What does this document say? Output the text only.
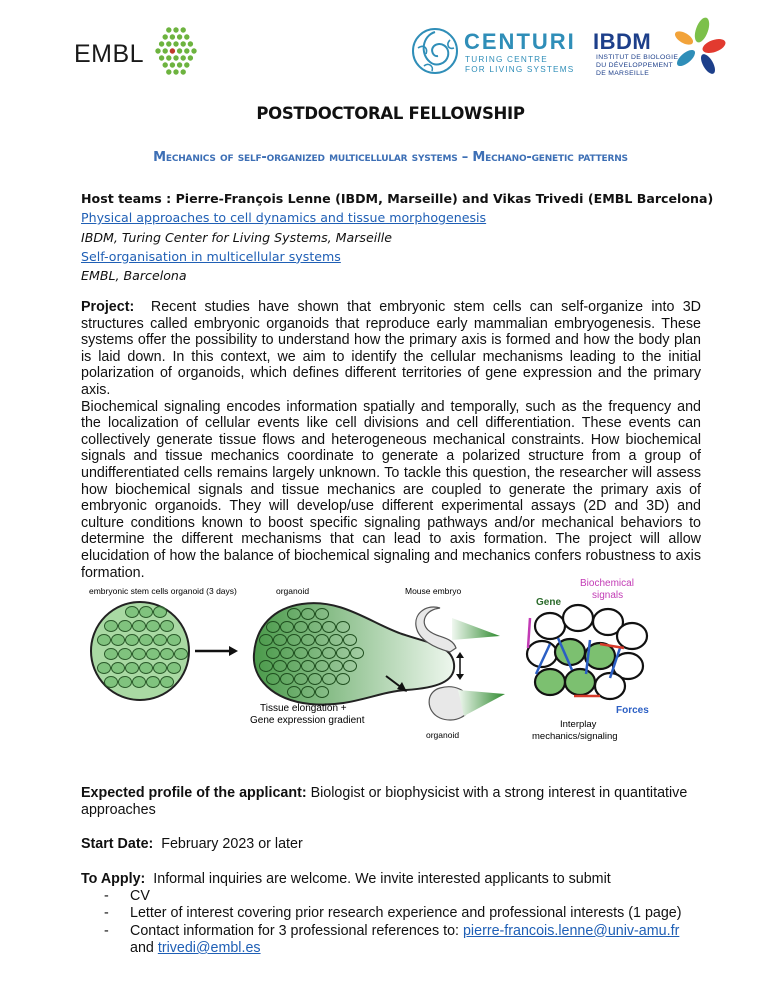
EMBL	CENTURI
TURING CENTRE
FOR LIVING SYSTEMS
IBDM
INSTITUT DE BIOLOGIE
DU DÉVELOPPEMENT
DE MARSEILLE
POSTDOCTORAL FELLOWSHIP
Mechanics of self-organized multicellular systems – Mechano-genetic patterns
Host teams : Pierre-François Lenne (IBDM, Marseille) and Vikas Trivedi (EMBL Barcelona)
Physical approaches to cell dynamics and tissue morphogenesis
IBDM, Turing Center for Living Systems, Marseille
Self-organisation in multicellular systems
EMBL, Barcelona

Project: Recent studies have shown that embryonic stem cells can self-organize into 3D structures called embryonic organoids that reproduce early mammalian embryogenesis. These systems offer the possibility to understand how the primary axis is formed and how the body plan is laid down. In this context, we aim to identify the cellular mechanisms leading to the initial polarization of organoids, which defines different territories of gene expression and the primary axis.

Biochemical signaling encodes information spatially and temporally, such as the frequency and the localization of cellular events like cell divisions and cell differentiation. These events can collectively generate tissue flows and heterogeneous mechanical constraints. How biochemical signals and tissue mechanics coordinate to generate a polarized structure from a group of undifferentiated cells remains largely unknown. To tackle this question, the researcher will assess how biochemical signals and tissue mechanics are coupled to generate the primary axis of embryonic organoids. They will develop/use different experimental assays (2D and 3D) and culture conditions known to boost specific signaling pathways and/or mechanical behaviors to determine the different mechanisms that can lead to axis formation. The project will allow elucidation of how the balance of biochemical signaling and mechanics confers robustness to axis formation.

embryonic stem cells organoid (3 days)	organoid
Tissue elongation +
Gene expression gradient
Mouse embryo
organoid
Biochemical
signals
Gene
Forces
Interplay
mechanics/signaling
Expected profile of the applicant: Biologist or biophysicist with a strong interest in quantitative approaches
Start Date: February 2023 or later
To Apply: Informal inquiries are welcome. We invite interested applicants to submit
- CV
- Letter of interest covering prior research experience and professional interests (1 page)
- Contact information for 3 professional references to: pierre-francois.lenne@univ-amu.fr
and trivedi@embl.es
